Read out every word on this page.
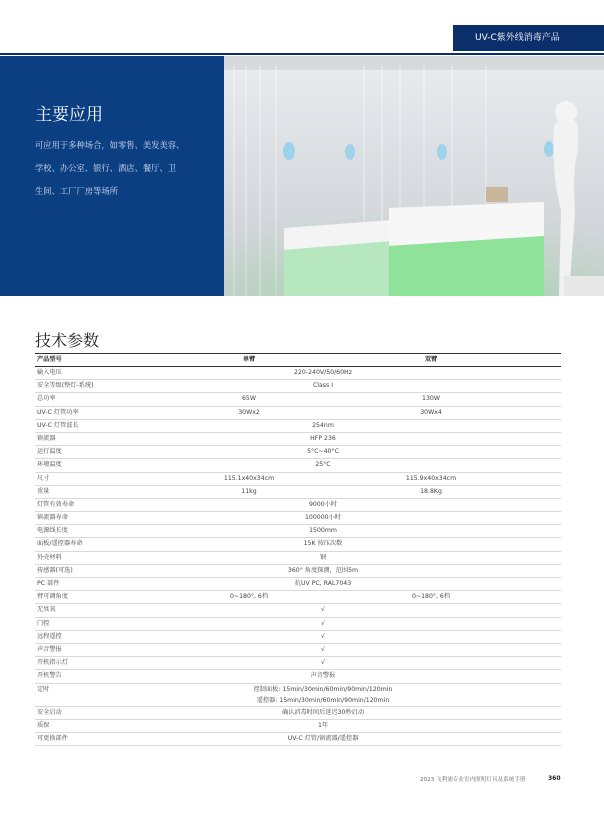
UV-C紫外线消毒产品
主要应用
可应用于多种场合，如零售、美发美容、
学校、办公室、银行、酒店、餐厅、卫
生间、工厂厂房等场所
技术参数
产品型号	单臂	双臂
输入电压	220-240V/50/60Hz
安全等级(整灯-系统)	Class I
总功率	65W	130W
UV-C 灯管功率	30Wx2	30Wx4
UV-C 灯管波长	254nm
镇流器	HFP 236
运行温度	5°C~40°C
环境温度	25°C
尺寸	115.1x40x34cm	115.9x40x34cm
重量	11kg	18.8Kg
灯管有效寿命	9000小时
镇流器寿命	100000小时
电源线长度	1500mm
面板/遥控器寿命	15K 按压次数
外壳材料	钢
传感器(可选)	360° 角度探测，范围5m
PC 部件	抗UV PC, RAL7043
臂可调角度	0~180°, 6档	0~180°, 6档
无臭氧	√
门控	√
远程遥控	√
声音警报	√
开机指示灯	√
开机警告	声音警报
定时	控制面板: 15min/30min/60min/90min/120min
遥控器: 15min/30min/60min/90min/120min
安全启动	确认消毒时间后延迟30秒启动
质保	1年
可更换部件	UV-C 灯管/镇流器/遥控器
2023 飞利浦专业室内照明灯具及系统手册	360
